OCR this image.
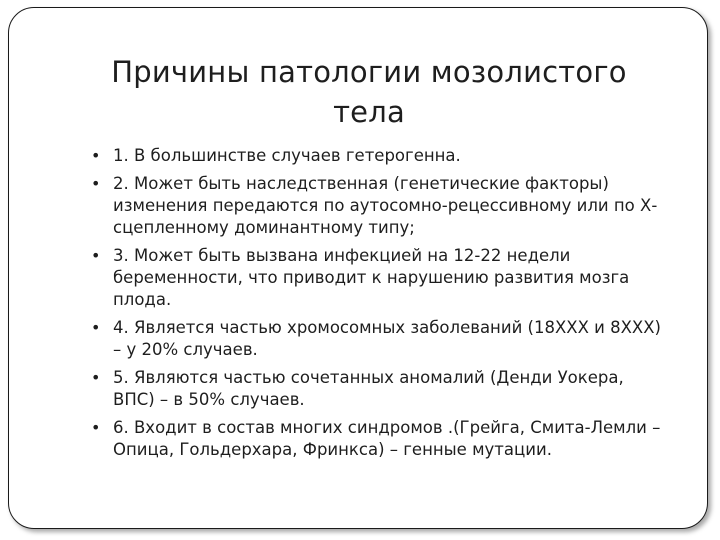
Причины патологии мозолистого тела
• 1. В большинстве случаев гетерогенна.
• 2. Может быть наследственная (генетические факторы) изменения передаются по аутосомно-рецессивному или по Х-сцепленному доминантному типу;
• 3. Может быть вызвана инфекцией на 12-22 недели беременности, что приводит к нарушению развития мозга плода.
• 4. Является частью хромосомных заболеваний (18ХХХ и 8ХХХ) – у 20% случаев.
• 5. Являются частью сочетанных аномалий (Денди Уокера, ВПС) – в 50% случаев.
• 6. Входит в состав многих синдромов .(Грейга, Смита-Лемли – Опица, Гольдерхара, Фринкса) – генные мутации.
